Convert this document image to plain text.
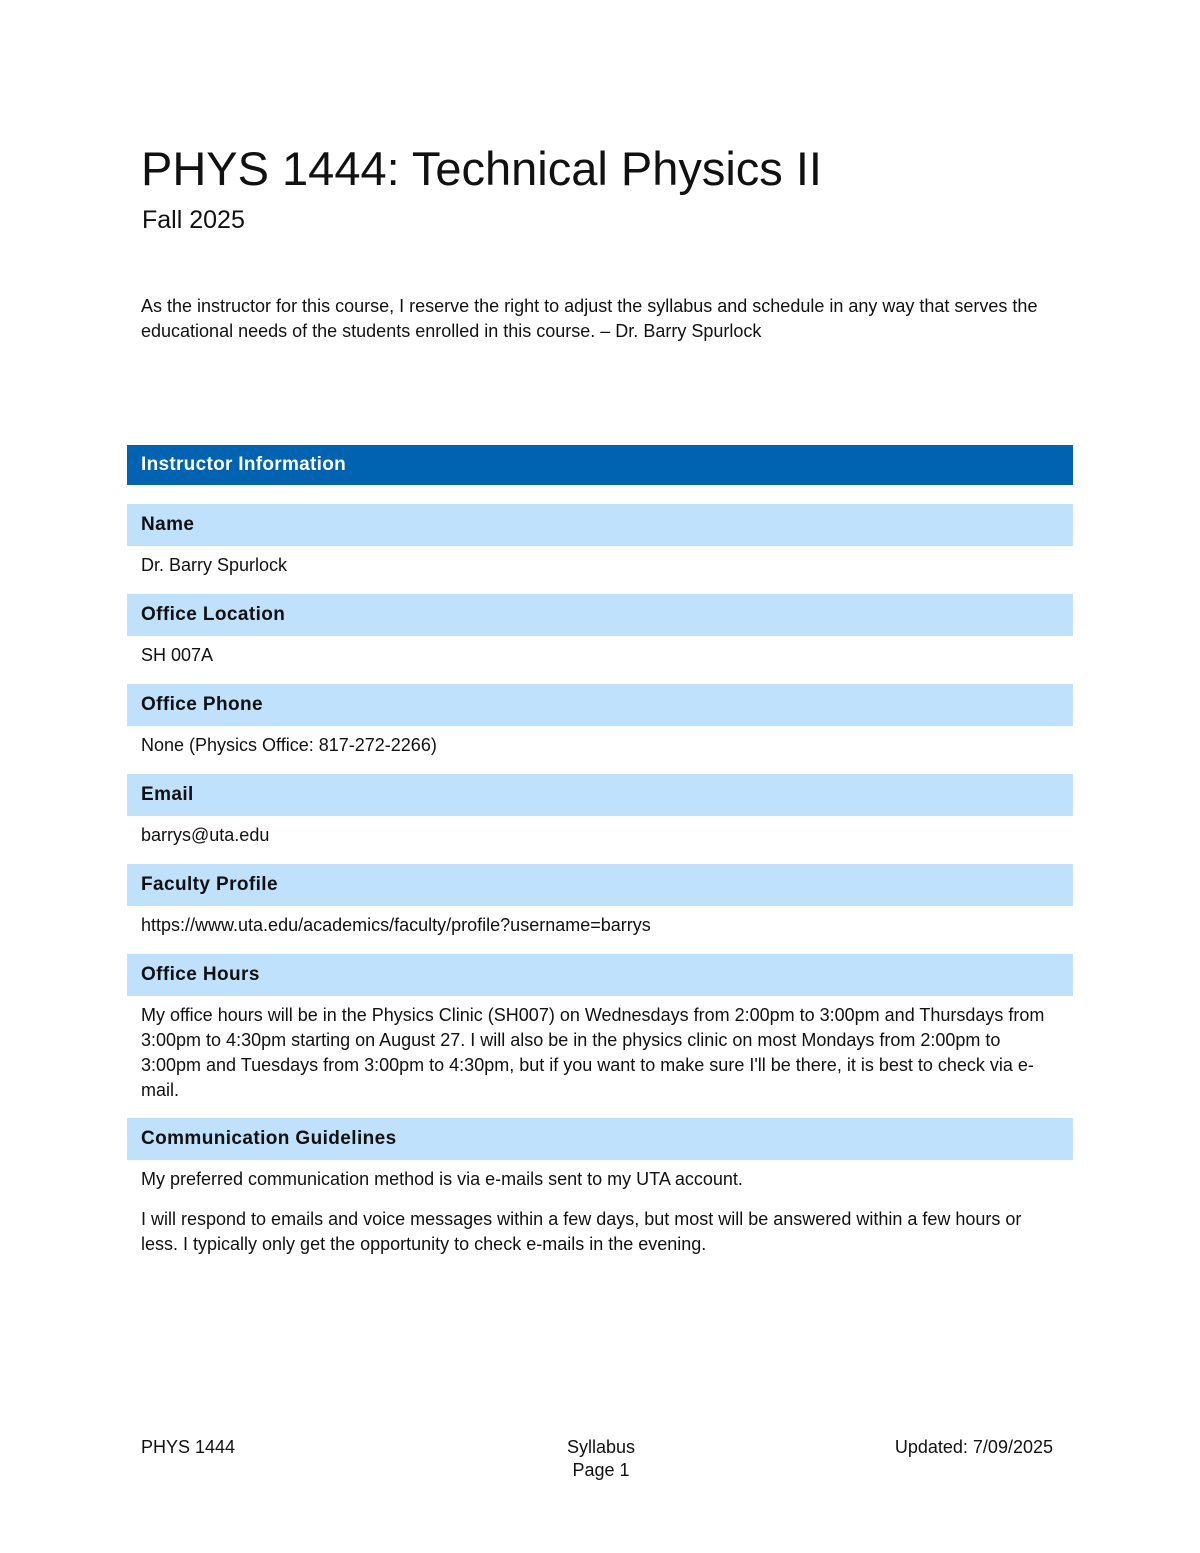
PHYS 1444: Technical Physics II
Fall 2025

As the instructor for this course, I reserve the right to adjust the syllabus and schedule in any way that serves the educational needs of the students enrolled in this course. – Dr. Barry Spurlock

Instructor Information
Name
Dr. Barry Spurlock
Office Location
SH 007A
Office Phone
None (Physics Office: 817-272-2266)
Email
barrys@uta.edu
Faculty Profile
https://www.uta.edu/academics/faculty/profile?username=barrys
Office Hours

My office hours will be in the Physics Clinic (SH007) on Wednesdays from 2:00pm to 3:00pm and Thursdays from 3:00pm to 4:30pm starting on August 27. I will also be in the physics clinic on most Mondays from 2:00pm to 3:00pm and Tuesdays from 3:00pm to 4:30pm, but if you want to make sure I'll be there, it is best to check via e-mail.

Communication Guidelines

My preferred communication method is via e-mails sent to my UTA account.

I will respond to emails and voice messages within a few days, but most will be answered within a few hours or less. I typically only get the opportunity to check e-mails in the evening.

PHYS 1444	Syllabus
Page 1
Updated: 7/09/2025
